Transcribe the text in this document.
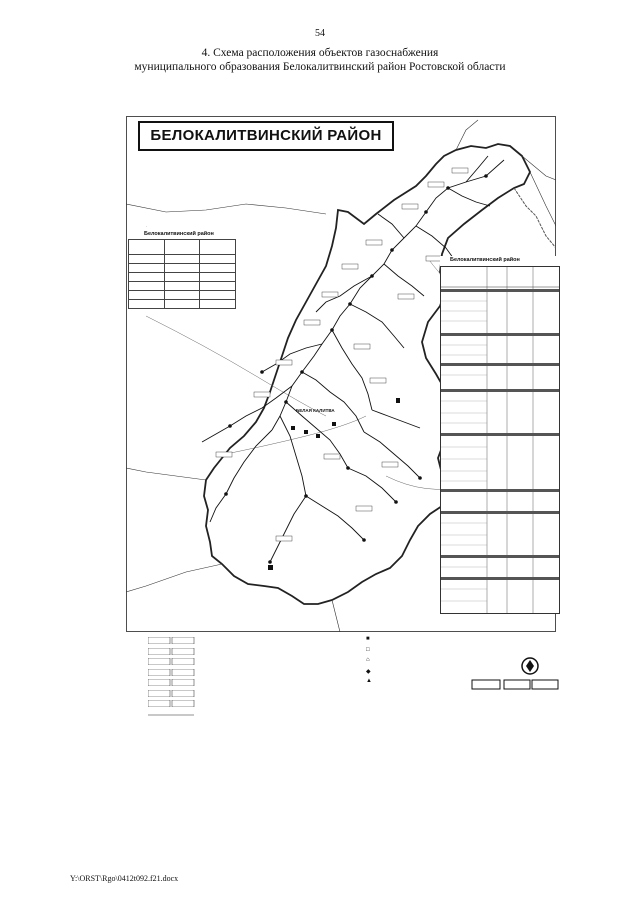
54
4. Схема расположения объектов газоснабжения
муниципального образования Белокалитвинский район Ростовской области
·
БЕЛАЯ КАЛИТВА
БЕЛОКАЛИТВИНСКИЙ РАЙОН
Белокалитвинский район

Белокалитвинский район
■
□
⌂
◆
▲
Y:\ORST\Rgo\0412t092.f21.docx
